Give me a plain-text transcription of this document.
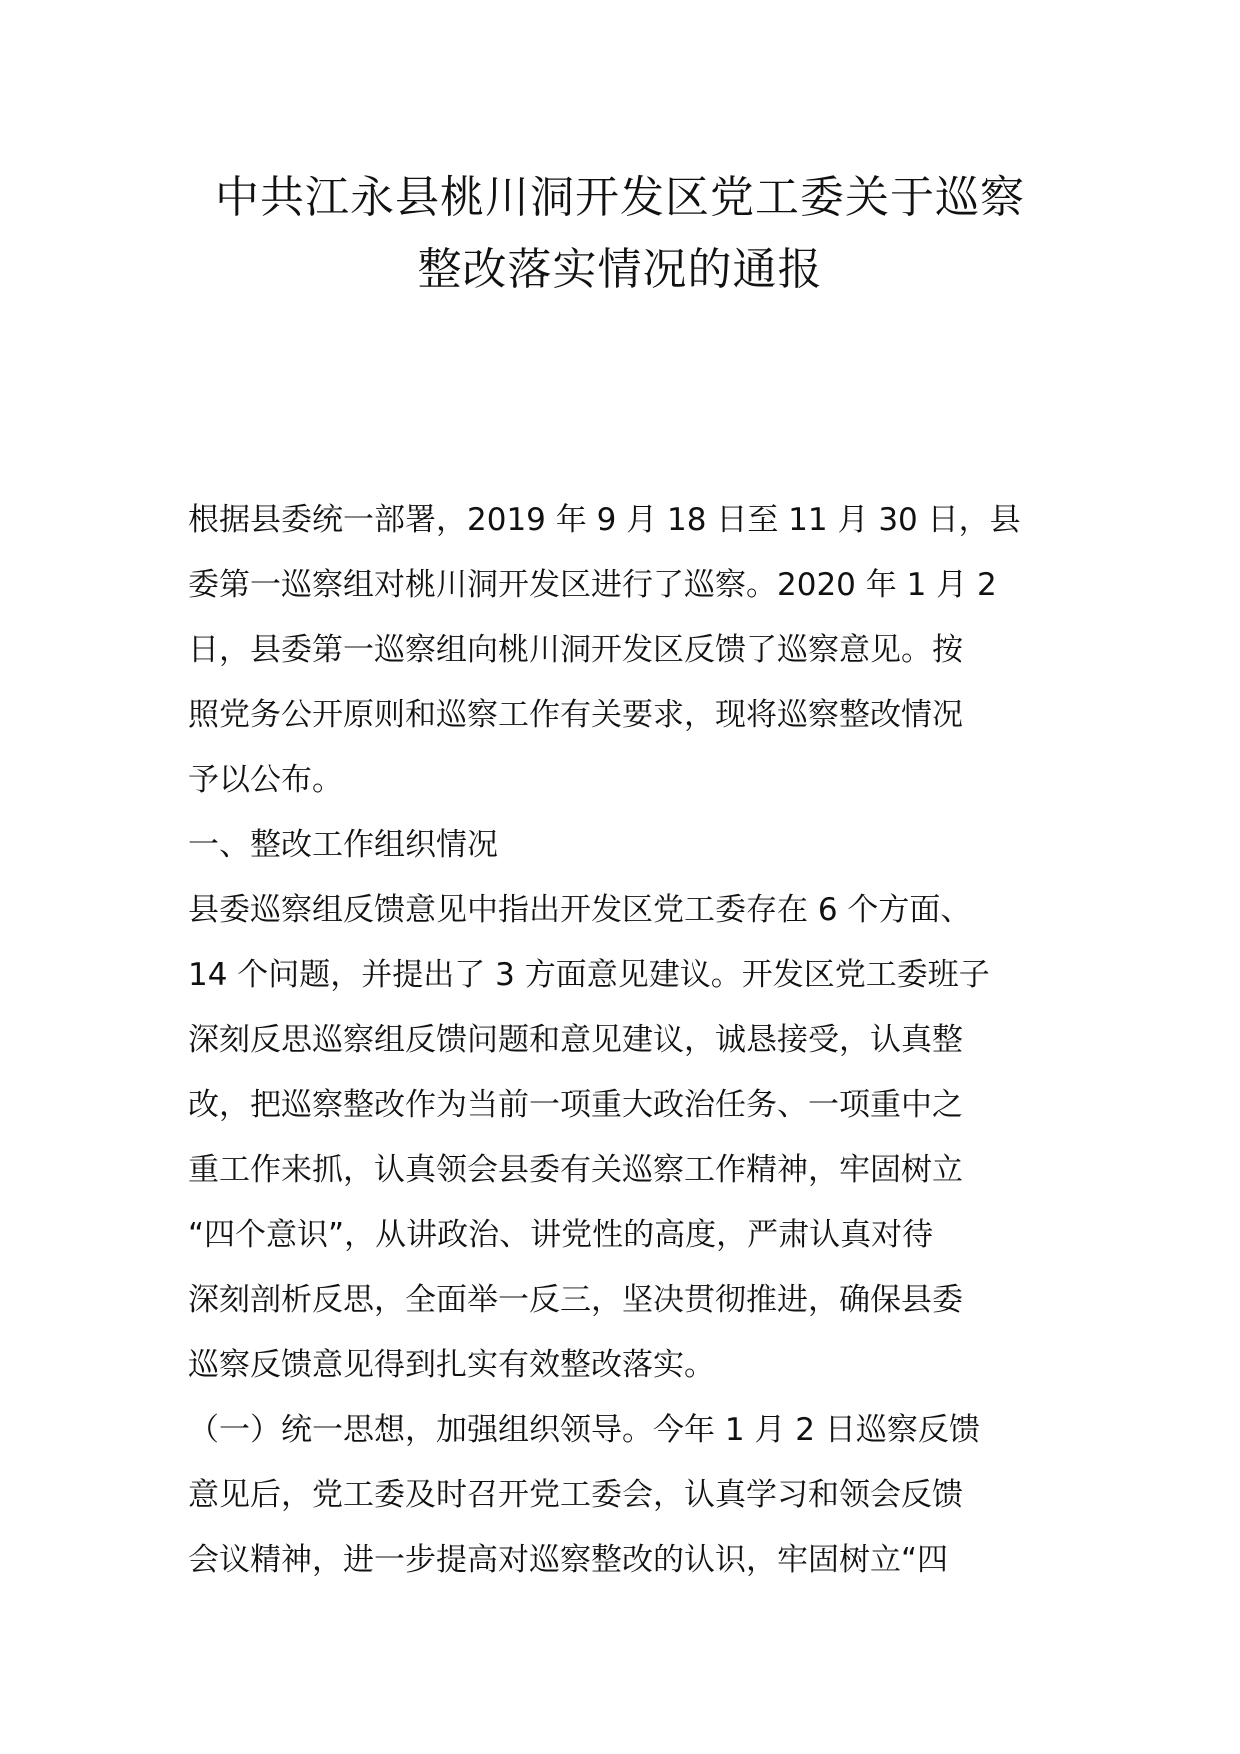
中共江永县桃川洞开发区党工委关于巡察
整改落实情况的通报
根据县委统一部署，2019 年 9 月 18 日至 11 月 30 日，县
委第一巡察组对桃川洞开发区进行了巡察。2020 年 1 月 2
日，县委第一巡察组向桃川洞开发区反馈了巡察意见。按
照党务公开原则和巡察工作有关要求，现将巡察整改情况
予以公布。
一、整改工作组织情况
县委巡察组反馈意见中指出开发区党工委存在 6 个方面、
14 个问题，并提出了 3 方面意见建议。开发区党工委班子
深刻反思巡察组反馈问题和意见建议，诚恳接受，认真整
改，把巡察整改作为当前一项重大政治任务、一项重中之
重工作来抓，认真领会县委有关巡察工作精神，牢固树立
“四个意识”，从讲政治、讲党性的高度，严肃认真对待
深刻剖析反思，全面举一反三，坚决贯彻推进，确保县委
巡察反馈意见得到扎实有效整改落实。
（一）统一思想，加强组织领导。今年 1 月 2 日巡察反馈
意见后，党工委及时召开党工委会，认真学习和领会反馈
会议精神，进一步提高对巡察整改的认识，牢固树立“四
